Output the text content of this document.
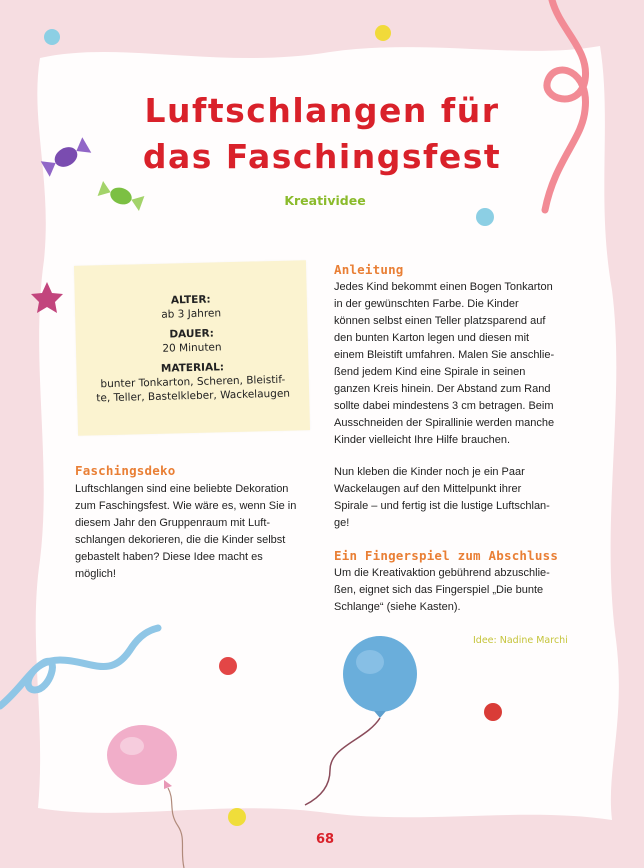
Luftschlangen für
das Faschingsfest
Kreatividee
ALTER:
ab 3 Jahren
DAUER:
20 Minuten
MATERIAL:
bunter Tonkarton, Scheren, Bleistif-
te, Teller, Bastelkleber, Wackelaugen
Faschingsdeko
Luftschlangen sind eine beliebte Dekoration
zum Faschingsfest. Wie wäre es, wenn Sie in
diesem Jahr den Gruppenraum mit Luft-
schlangen dekorieren, die die Kinder selbst
gebastelt haben? Diese Idee macht es
möglich!
Anleitung
Jedes Kind bekommt einen Bogen Tonkarton
in der gewünschten Farbe. Die Kinder
können selbst einen Teller platzsparend auf
den bunten Karton legen und diesen mit
einem Bleistift umfahren. Malen Sie anschlie-
ßend jedem Kind eine Spirale in seinen
ganzen Kreis hinein. Der Abstand zum Rand
sollte dabei mindestens 3 cm betragen. Beim
Ausschneiden der Spirallinie werden manche
Kinder vielleicht Ihre Hilfe brauchen.
Nun kleben die Kinder noch je ein Paar
Wackelaugen auf den Mittelpunkt ihrer
Spirale – und fertig ist die lustige Luftschlan-
ge!
Ein Fingerspiel zum Abschluss
Um die Kreativaktion gebührend abzuschlie-
ßen, eignet sich das Fingerspiel „Die bunte
Schlange“ (siehe Kasten).
Idee: Nadine Marchi
68
